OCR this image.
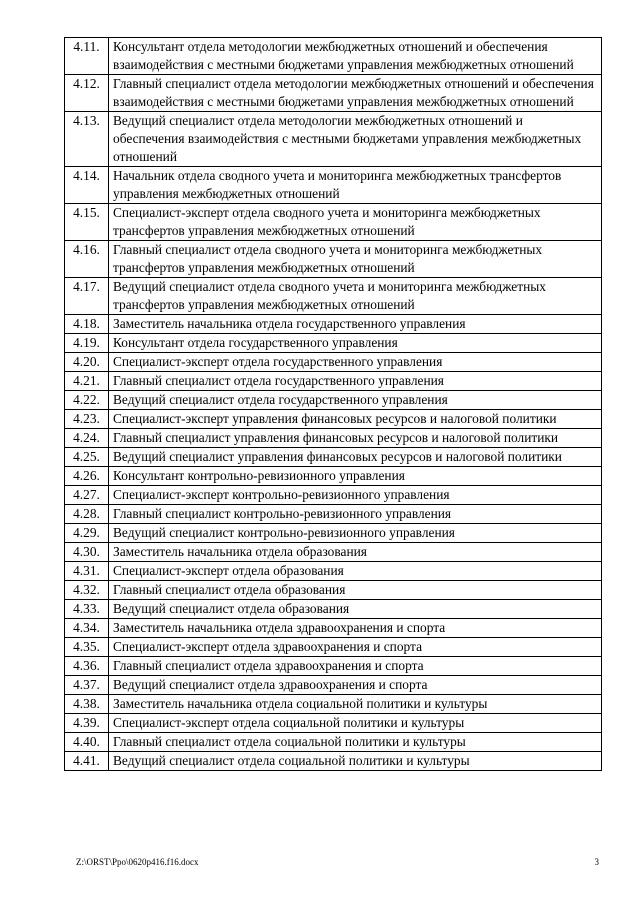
4.11.	Консультант отдела методологии межбюджетных отношений и обеспечения взаимодействия с местными бюджетами управления межбюджетных отношений
4.12.	Главный специалист отдела методологии межбюджетных отношений и обеспечения взаимодействия с местными бюджетами управления межбюджетных отношений
4.13.	Ведущий специалист отдела методологии межбюджетных отношений и обеспечения взаимодействия с местными бюджетами управления межбюджетных отношений
4.14.	Начальник отдела сводного учета и мониторинга межбюджетных трансфертов управления межбюджетных отношений
4.15.	Специалист-эксперт отдела сводного учета и мониторинга межбюджетных трансфертов управления межбюджетных отношений
4.16.	Главный специалист отдела сводного учета и мониторинга межбюджетных трансфертов управления межбюджетных отношений
4.17.	Ведущий специалист отдела сводного учета и мониторинга межбюджетных трансфертов управления межбюджетных отношений
4.18.	Заместитель начальника отдела государственного управления
4.19.	Консультант отдела государственного управления
4.20.	Специалист-эксперт отдела государственного управления
4.21.	Главный специалист отдела государственного управления
4.22.	Ведущий специалист отдела государственного управления
4.23.	Специалист-эксперт управления финансовых ресурсов и налоговой политики
4.24.	Главный специалист управления финансовых ресурсов и налоговой политики
4.25.	Ведущий специалист управления финансовых ресурсов и налоговой политики
4.26.	Консультант контрольно-ревизионного управления
4.27.	Специалист-эксперт контрольно-ревизионного управления
4.28.	Главный специалист контрольно-ревизионного управления
4.29.	Ведущий специалист контрольно-ревизионного управления
4.30.	Заместитель начальника отдела образования
4.31.	Специалист-эксперт отдела образования
4.32.	Главный специалист отдела образования
4.33.	Ведущий специалист отдела образования
4.34.	Заместитель начальника отдела здравоохранения и спорта
4.35.	Специалист-эксперт отдела здравоохранения и спорта
4.36.	Главный специалист отдела здравоохранения и спорта
4.37.	Ведущий специалист отдела здравоохранения и спорта
4.38.	Заместитель начальника отдела социальной политики и культуры
4.39.	Специалист-эксперт отдела социальной политики и культуры
4.40.	Главный специалист отдела социальной политики и культуры
4.41.	Ведущий специалист отдела социальной политики и культуры
Z:\ORST\Ppo\0620p416.f16.docx	3
